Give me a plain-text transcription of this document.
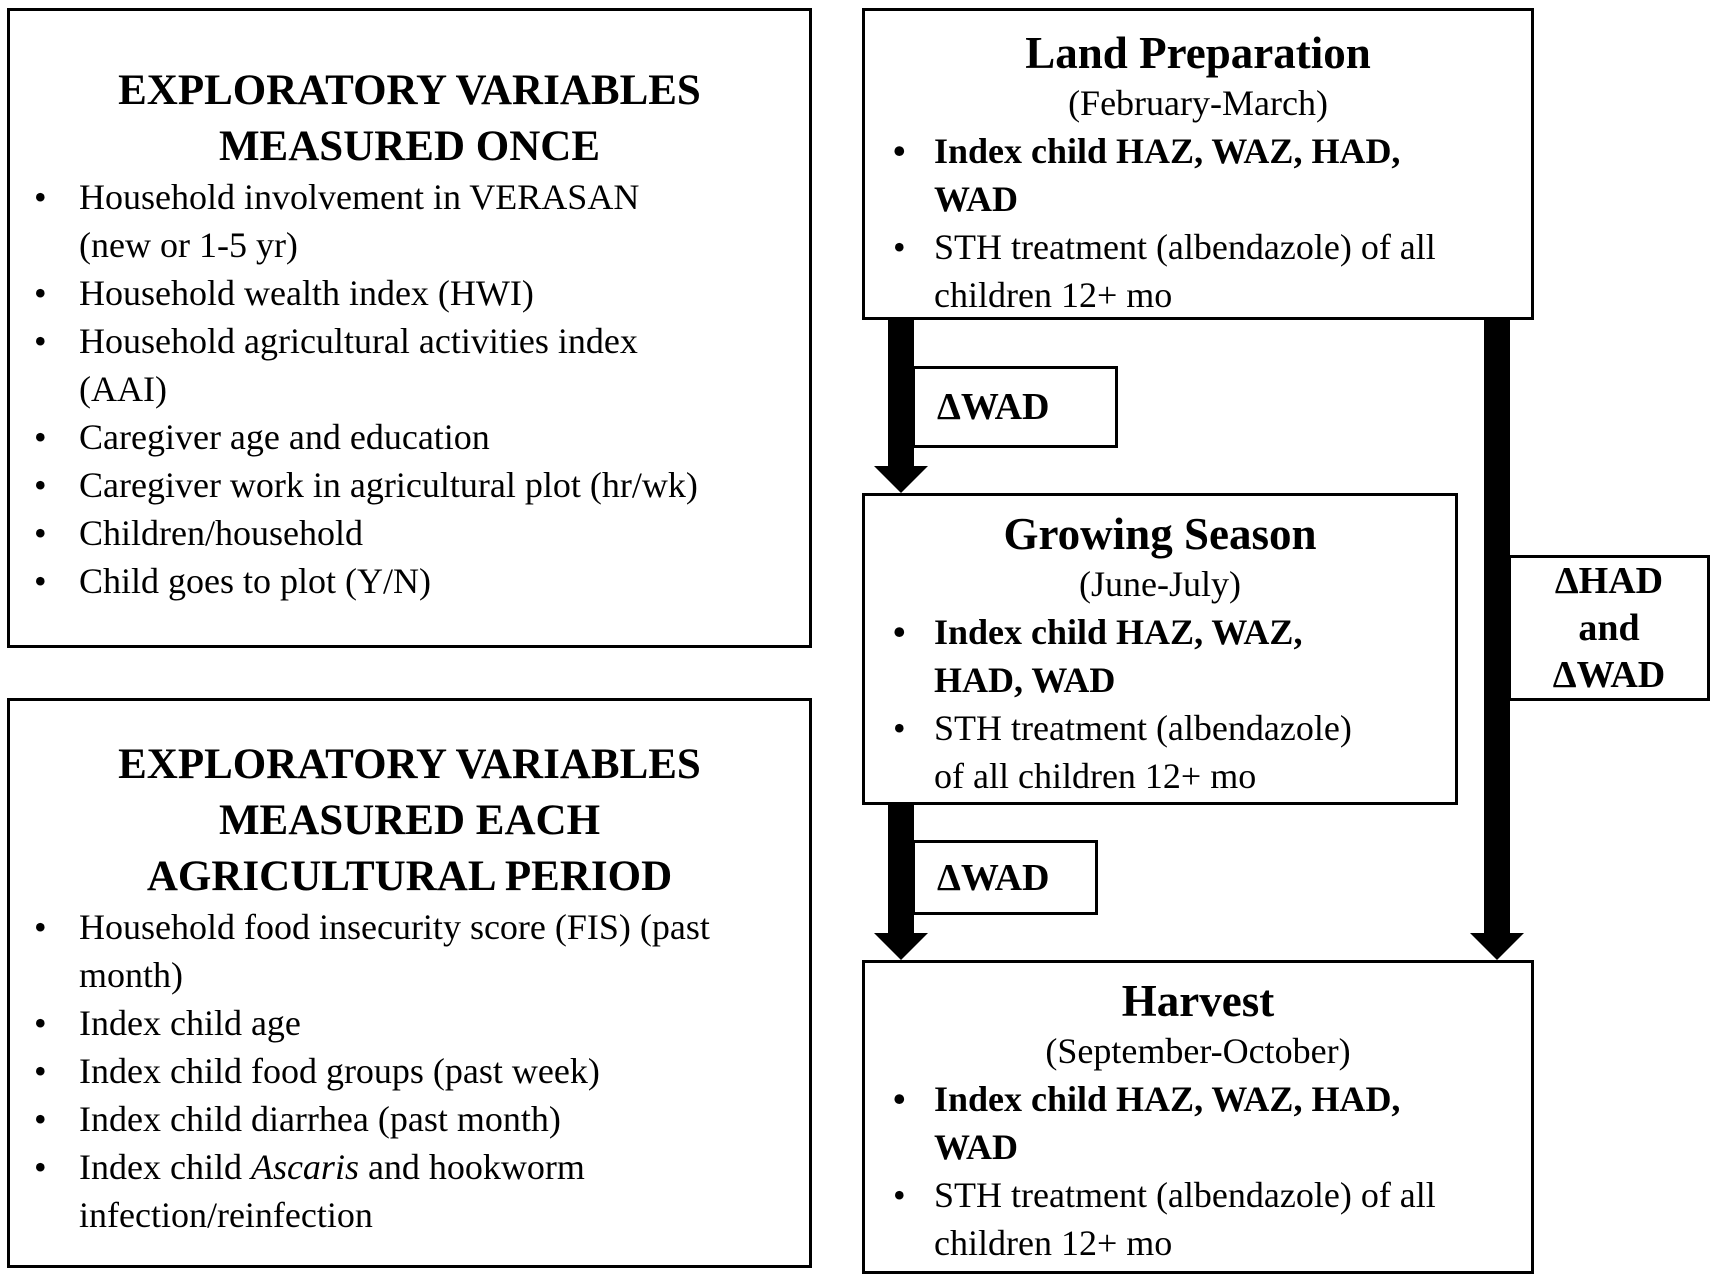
EXPLORATORY VARIABLES
MEASURED ONCE
• Household involvement in VERASAN
(new or 1-5 yr)
• Household wealth index (HWI)
• Household agricultural activities index
(AAI)
• Caregiver age and education
• Caregiver work in agricultural plot (hr/wk)
• Children/household
• Child goes to plot (Y/N)
EXPLORATORY VARIABLES
MEASURED EACH
AGRICULTURAL PERIOD
• Household food insecurity score (FIS) (past
month)
• Index child age
• Index child food groups (past week)
• Index child diarrhea (past month)
• Index child Ascaris and hookworm
infection/reinfection
Land Preparation
(February-March)
• Index child HAZ, WAZ, HAD,
WAD
• STH treatment (albendazole) of all
children 12+ mo
ΔWAD
Growing Season
(June-July)
• Index child HAZ, WAZ,
HAD, WAD
• STH treatment (albendazole)
of all children 12+ mo
ΔWAD
ΔHAD
and
ΔWAD
Harvest
(September-October)
• Index child HAZ, WAZ, HAD,
WAD
• STH treatment (albendazole) of all
children 12+ mo
